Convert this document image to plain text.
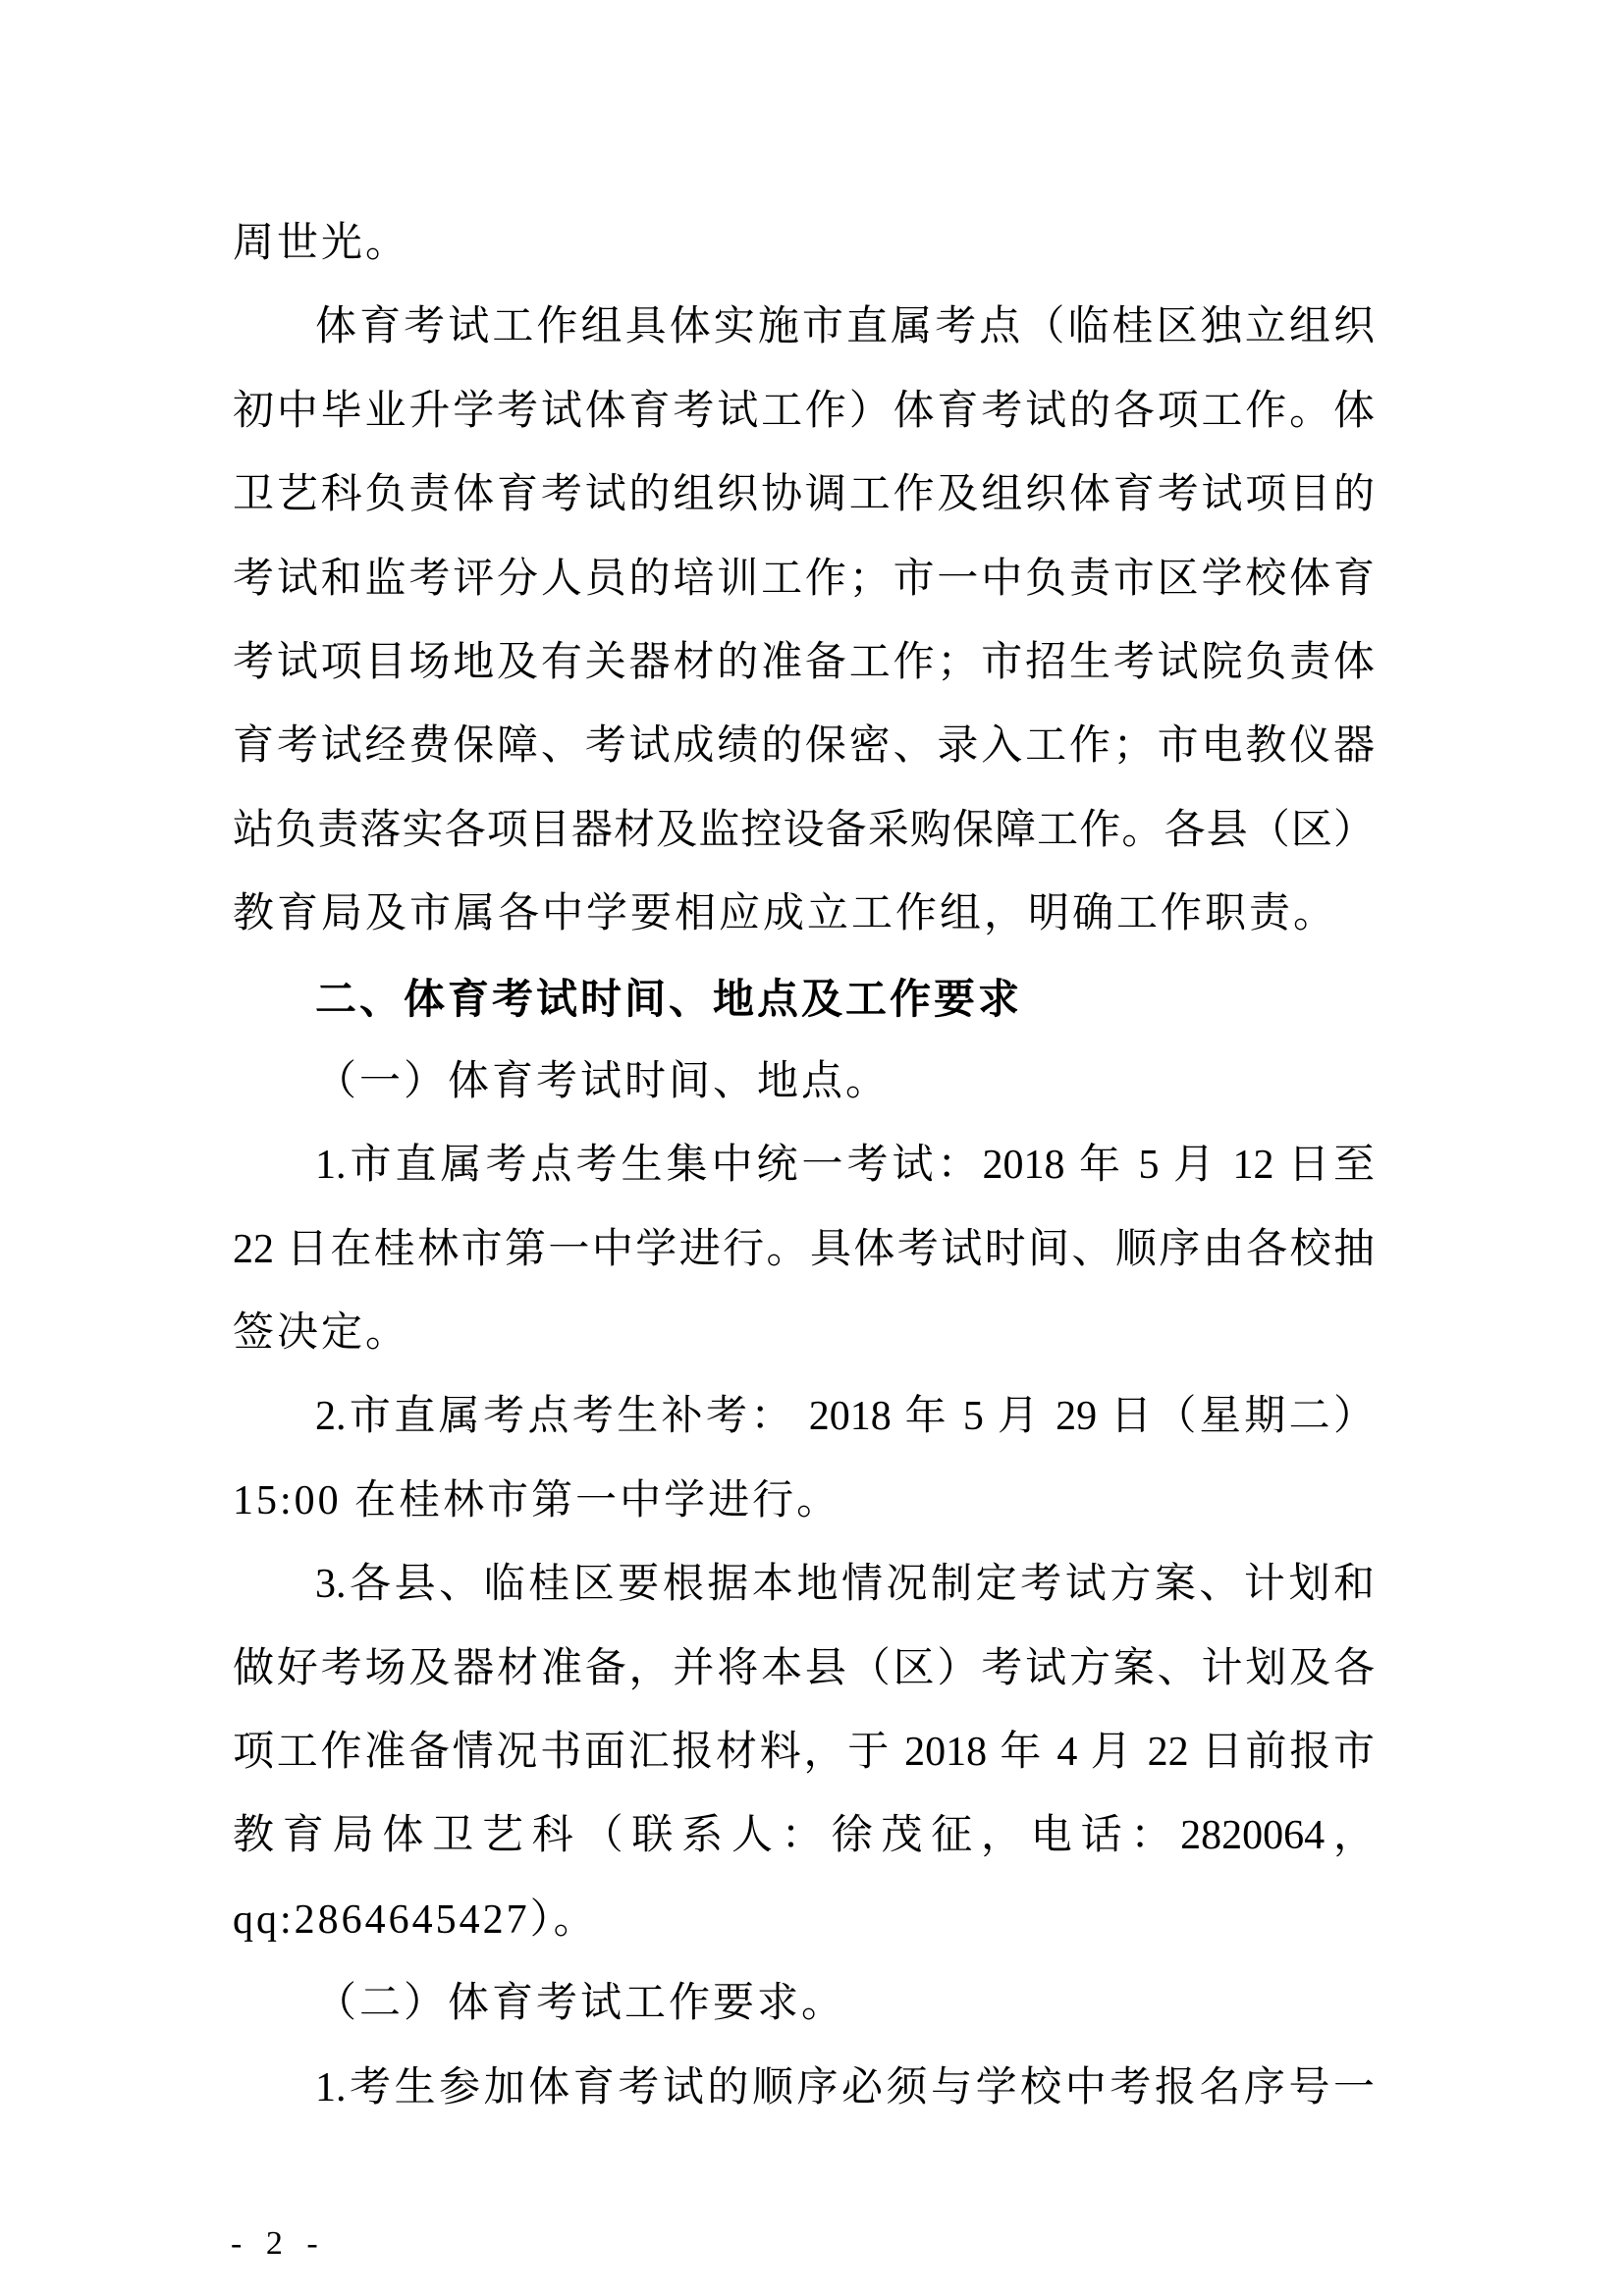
周世光。
体育考试工作组具体实施市直属考点（临桂区独立组织
初中毕业升学考试体育考试工作）体育考试的各项工作。体
卫艺科负责体育考试的组织协调工作及组织体育考试项目的
考试和监考评分人员的培训工作；市一中负责市区学校体育
考试项目场地及有关器材的准备工作；市招生考试院负责体
育考试经费保障、考试成绩的保密、录入工作；市电教仪器
站负责落实各项目器材及监控设备采购保障工作。各县（区）
教育局及市属各中学要相应成立工作组，明确工作职责。
二、体育考试时间、地点及工作要求
（一）体育考试时间、地点。
1.市直属考点考生集中统一考试：2018 年 5 月 12 日至
22 日在桂林市第一中学进行。具体考试时间、顺序由各校抽
签决定。
2.市直属考点考生补考： 2018 年 5 月 29 日（星期二）
15:00 在桂林市第一中学进行。
3.各县、临桂区要根据本地情况制定考试方案、计划和
做好考场及器材准备，并将本县（区）考试方案、计划及各
项工作准备情况书面汇报材料，于 2018 年 4 月 22 日前报市
教育局体卫艺科（联系人：徐茂征，电话：2820064，
qq:2864645427）。
（二）体育考试工作要求。
1.考生参加体育考试的顺序必须与学校中考报名序号一
- 2 -
